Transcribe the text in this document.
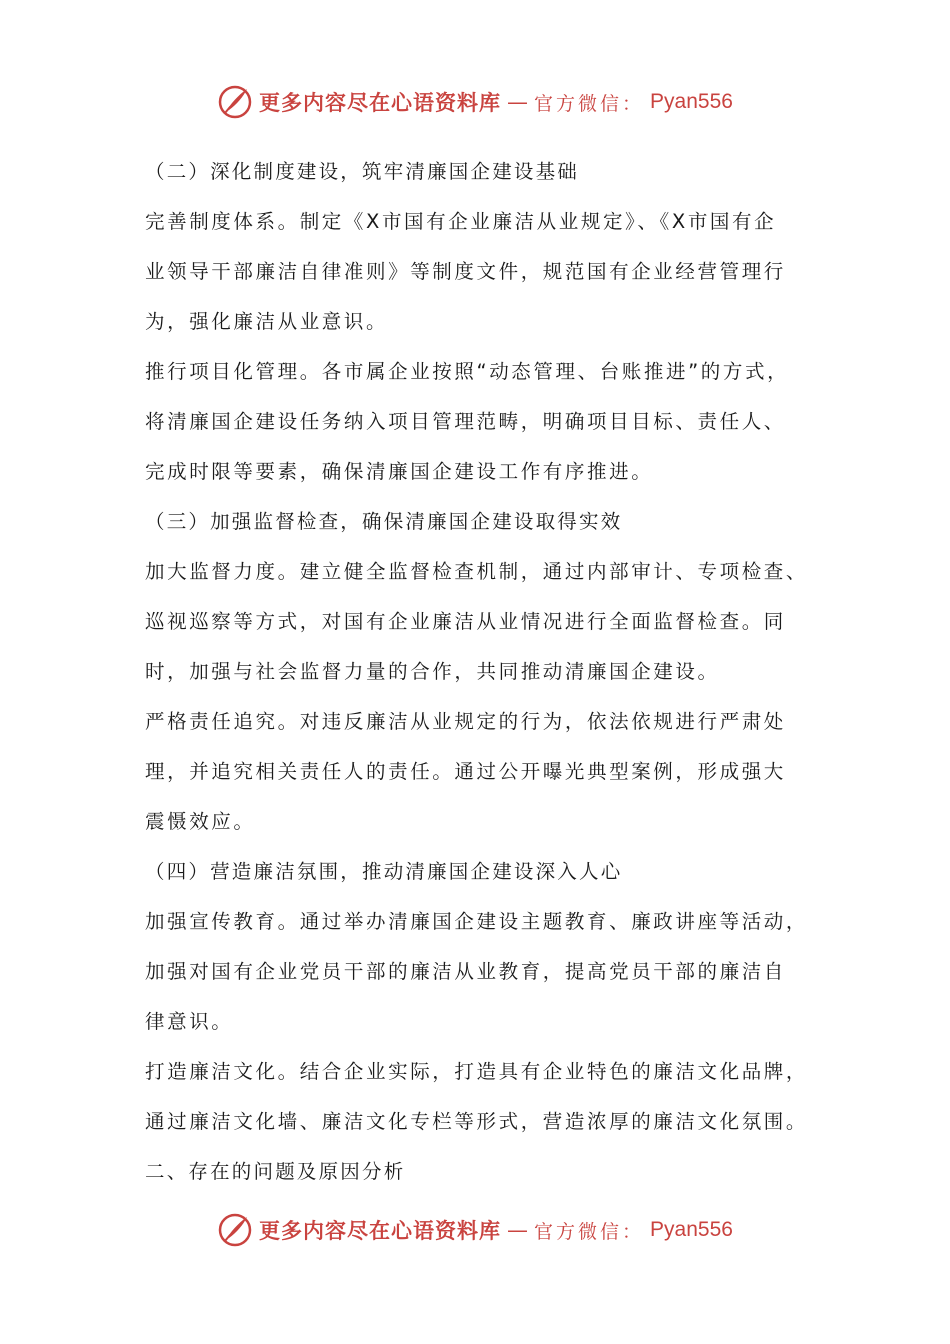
更多内容尽在心语资料库 — 官方微信： Pyan556
（二）深化制度建设，筑牢清廉国企建设基础
完善制度体系。制定《X市国有企业廉洁从业规定》、《X市国有企
业领导干部廉洁自律准则》等制度文件，规范国有企业经营管理行
为，强化廉洁从业意识。
推行项目化管理。各市属企业按照“动态管理、台账推进”的方式，
将清廉国企建设任务纳入项目管理范畴，明确项目目标、责任人、
完成时限等要素，确保清廉国企建设工作有序推进。
（三）加强监督检查，确保清廉国企建设取得实效
加大监督力度。建立健全监督检查机制，通过内部审计、专项检查、
巡视巡察等方式，对国有企业廉洁从业情况进行全面监督检查。同
时，加强与社会监督力量的合作，共同推动清廉国企建设。
严格责任追究。对违反廉洁从业规定的行为，依法依规进行严肃处
理，并追究相关责任人的责任。通过公开曝光典型案例，形成强大
震慑效应。
（四）营造廉洁氛围，推动清廉国企建设深入人心
加强宣传教育。通过举办清廉国企建设主题教育、廉政讲座等活动，
加强对国有企业党员干部的廉洁从业教育，提高党员干部的廉洁自
律意识。
打造廉洁文化。结合企业实际，打造具有企业特色的廉洁文化品牌，
通过廉洁文化墙、廉洁文化专栏等形式，营造浓厚的廉洁文化氛围。
二、存在的问题及原因分析
更多内容尽在心语资料库 — 官方微信： Pyan556
